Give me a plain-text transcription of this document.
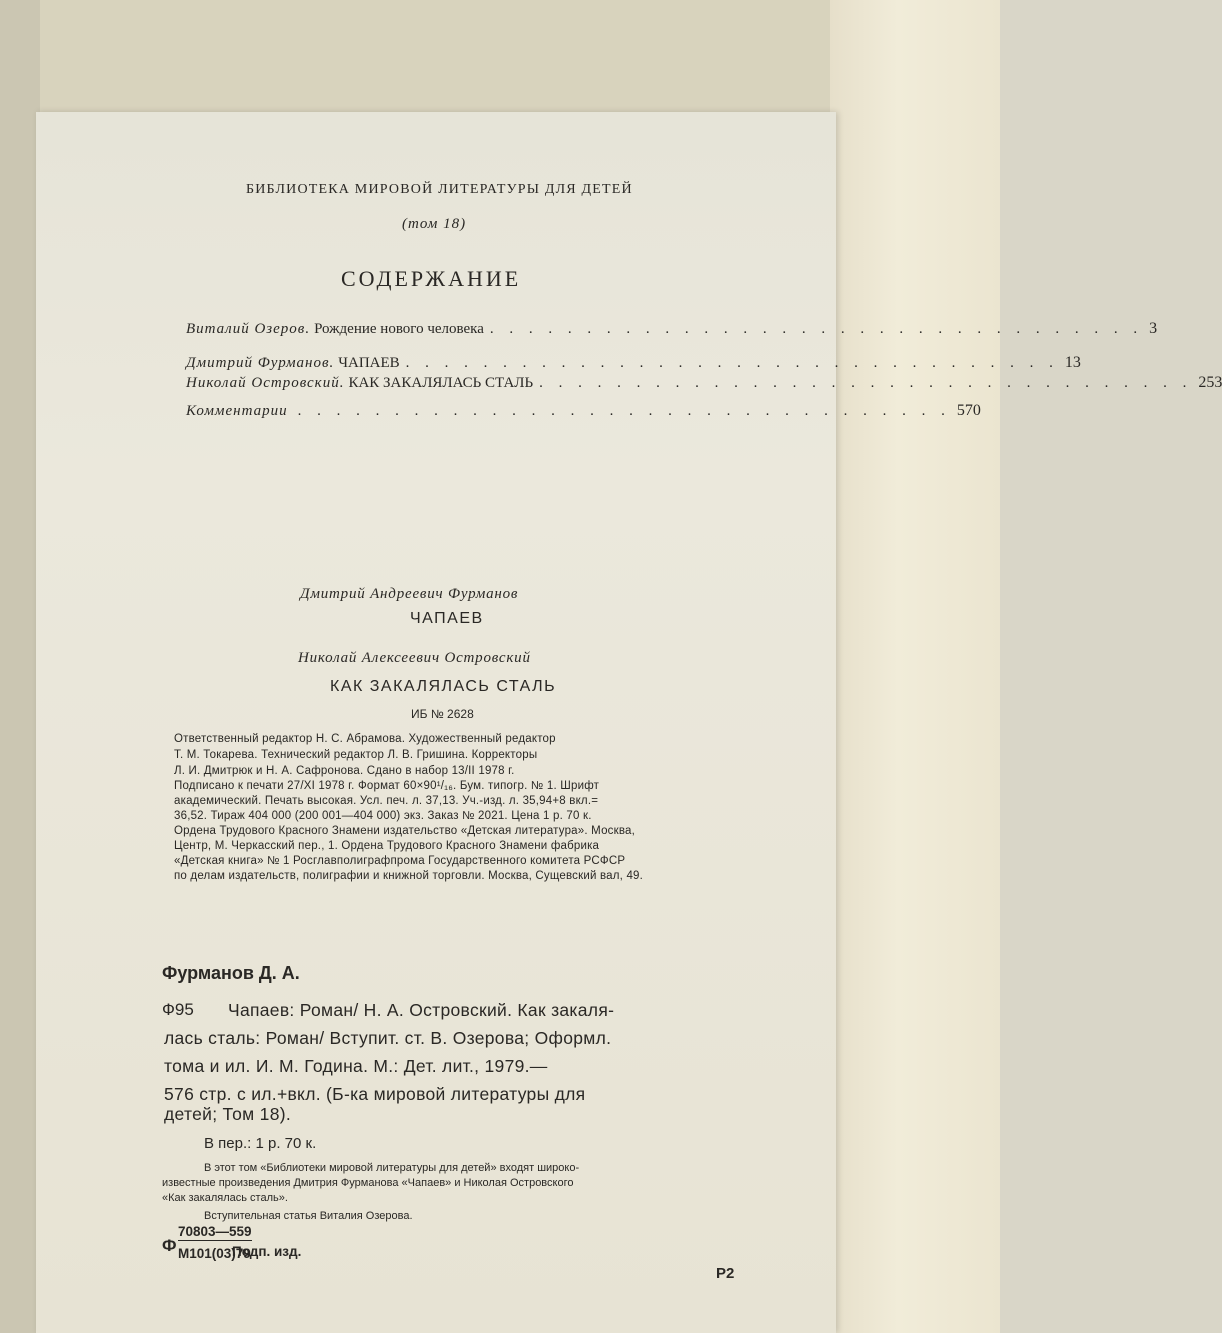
БИБЛИОТЕКА МИРОВОЙ ЛИТЕРАТУРЫ ДЛЯ ДЕТЕЙ
(том 18)
СОДЕРЖАНИЕ
Виталий Озеров. Рождение нового человека . . . . . . . . . . . . . . . . . . . . . . . . . . . . . . . . . . 3
Дмитрий Фурманов. ЧАПАЕВ . . . . . . . . . . . . . . . . . . . . . . . . . . . . . . . . . . 13
Николай Островский. КАК ЗАКАЛЯЛАСЬ СТАЛЬ . . . . . . . . . . . . . . . . . . . . . . . . . . . . . . . . . . 253
Комментарии . . . . . . . . . . . . . . . . . . . . . . . . . . . . . . . . . . 570
Дмитрий Андреевич Фурманов
ЧАПАЕВ
Николай Алексеевич Островский
КАК ЗАКАЛЯЛАСЬ СТАЛЬ
ИБ № 2628
Ответственный редактор Н. С. Абрамова. Художественный редактор
Т. М. Токарева. Технический редактор Л. В. Гришина. Корректоры
Л. И. Дмитрюк и Н. А. Сафронова. Сдано в набор 13/II 1978 г.
Подписано к печати 27/XI 1978 г. Формат 60×90¹/₁₆. Бум. типогр. № 1. Шрифт
академический. Печать высокая. Усл. печ. л. 37,13. Уч.-изд. л. 35,94+8 вкл.=
36,52. Тираж 404 000 (200 001—404 000) экз. Заказ № 2021. Цена 1 р. 70 к.
Ордена Трудового Красного Знамени издательство «Детская литература». Москва,
Центр, М. Черкасский пер., 1. Ордена Трудового Красного Знамени фабрика
«Детская книга» № 1 Росглавполиграфпрома Государственного комитета РСФСР
по делам издательств, полиграфии и книжной торговли. Москва, Сущевский вал, 49.
Фурманов Д. А.
Ф95 Чапаев: Роман/ Н. А. Островский. Как закаля-
лась сталь: Роман/ Вступит. ст. В. Озерова; Оформл.
тома и ил. И. М. Година. М.: Дет. лит., 1979.—
576 стр. с ил.+вкл. (Б-ка мировой литературы для
детей; Том 18).
В пер.: 1 р. 70 к.
В этот том «Библиотеки мировой литературы для детей» входят широко-
известные произведения Дмитрия Фурманова «Чапаев» и Николая Островского
«Как закалялась сталь».
Вступительная статья Виталия Озерова.
Ф
70803—559
М101(03)79
Подп. изд.
Р2
